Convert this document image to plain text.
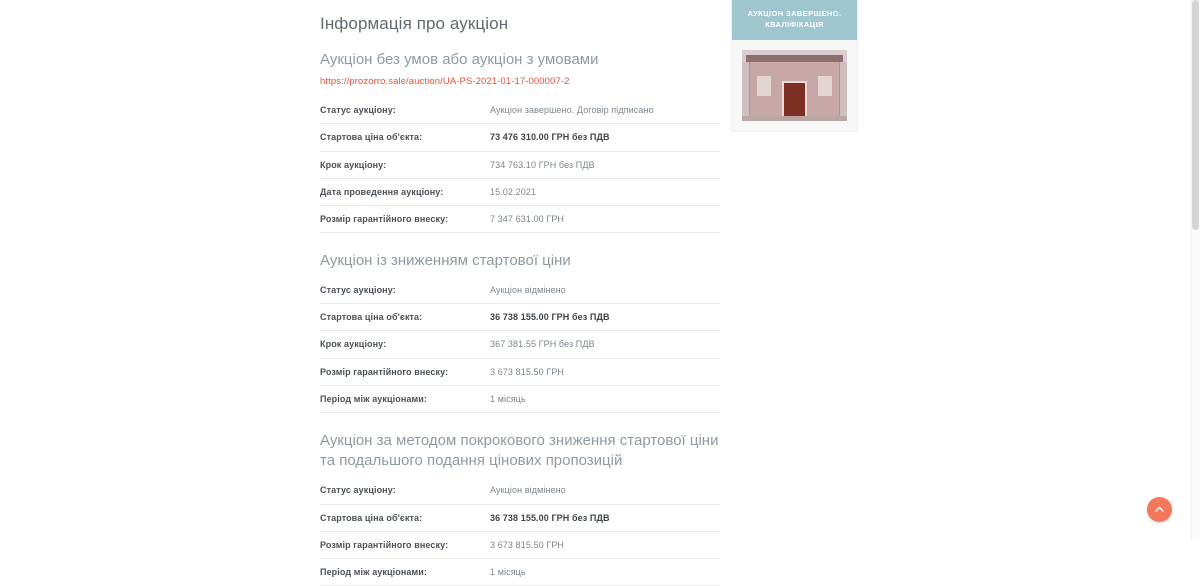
Інформація про аукціон
Аукціон без умов або аукціон з умовами
https://prozorro.sale/auction/UA-PS-2021-01-17-000007-2
Статус аукціону:	Аукціон завершено. Договір підписано
Стартова ціна об'єкта:	73 476 310.00 ГРН без ПДВ
Крок аукціону:	734 763.10 ГРН без ПДВ
Дата проведення аукціону:	15.02.2021
Розмір гарантійного внеску:	7 347 631.00 ГРН
Аукціон із зниженням стартової ціни
Статус аукціону:	Аукціон відмінено
Стартова ціна об'єкта:	36 738 155.00 ГРН без ПДВ
Крок аукціону:	367 381.55 ГРН без ПДВ
Розмір гарантійного внеску:	3 673 815.50 ГРН
Період між аукціонами:	1 місяць
Аукціон за методом покрокового зниження стартової ціни та подальшого подання цінових пропозицій
Статус аукціону:	Аукціон відмінено
Стартова ціна об'єкта:	36 738 155.00 ГРН без ПДВ
Розмір гарантійного внеску:	3 673 815.50 ГРН
Період між аукціонами:	1 місяць
АУКЦІОН ЗАВЕРШЕНО.
КВАЛІФІКАЦІЯ
